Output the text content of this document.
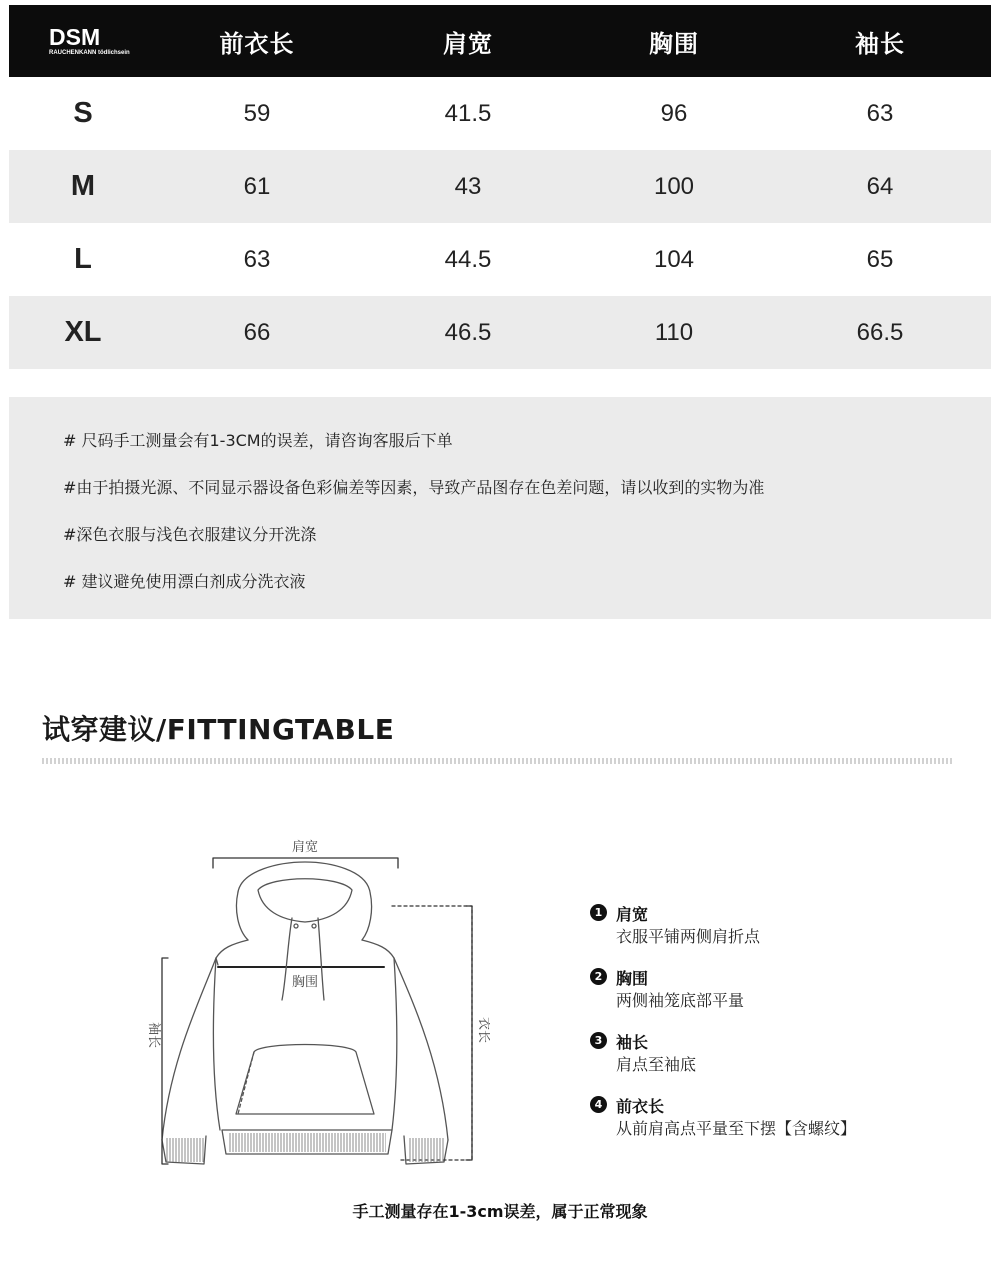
DSM
RAUCHENKANN tödlichsein	前衣长	肩宽	胸围	袖长
S	59	41.5	96	63
M	61	43	100	64
L	63	44.5	104	65
XL	66	46.5	110	66.5
# 尺码手工测量会有1-3CM的误差，请咨询客服后下单
#由于拍摄光源、不同显示器设备色彩偏差等因素，导致产品图存在色差问题，请以收到的实物为准
#深色衣服与浅色衣服建议分开洗涤
# 建议避免使用漂白剂成分洗衣液
试穿建议/FITTINGTABLE
肩宽
胸围
袖长	衣长
1 肩宽
衣服平铺两侧肩折点
2 胸围
两侧袖笼底部平量
3 袖长
肩点至袖底
4 前衣长
从前肩高点平量至下摆【含螺纹】
手工测量存在1-3cm误差，属于正常现象
